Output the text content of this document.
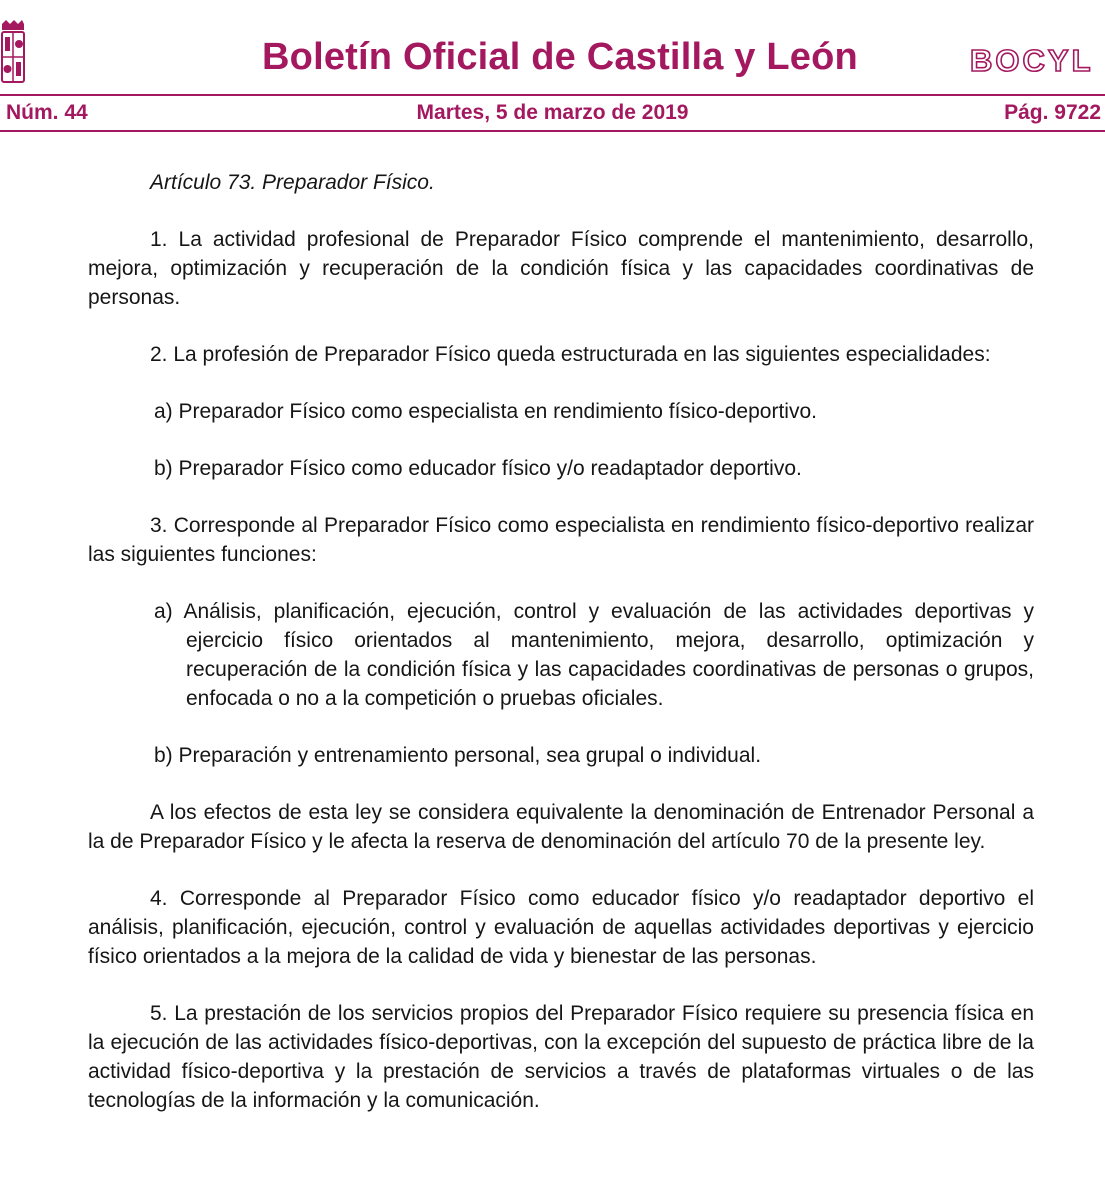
Boletín Oficial de Castilla y León	BOCYL
Martes, 5 de marzo de 2019
Núm. 44	Pág. 9722

Artículo 73. Preparador Físico.

1. La actividad profesional de Preparador Físico comprende el mantenimiento, desarrollo, mejora, optimización y recuperación de la condición física y las capacidades coordinativas de personas.

2. La profesión de Preparador Físico queda estructurada en las siguientes especialidades:

a) Preparador Físico como especialista en rendimiento físico-deportivo.

b) Preparador Físico como educador físico y/o readaptador deportivo.

3. Corresponde al Preparador Físico como especialista en rendimiento físico-deportivo realizar las siguientes funciones:

a) Análisis, planificación, ejecución, control y evaluación de las actividades deportivas y ejercicio físico orientados al mantenimiento, mejora, desarrollo, optimización y recuperación de la condición física y las capacidades coordinativas de personas o grupos, enfocada o no a la competición o pruebas oficiales.

b) Preparación y entrenamiento personal, sea grupal o individual.

A los efectos de esta ley se considera equivalente la denominación de Entrenador Personal a la de Preparador Físico y le afecta la reserva de denominación del artículo 70 de la presente ley.

4. Corresponde al Preparador Físico como educador físico y/o readaptador deportivo el análisis, planificación, ejecución, control y evaluación de aquellas actividades deportivas y ejercicio físico orientados a la mejora de la calidad de vida y bienestar de las personas.

5. La prestación de los servicios propios del Preparador Físico requiere su presencia física en la ejecución de las actividades físico-deportivas, con la excepción del supuesto de práctica libre de la actividad físico-deportiva y la prestación de servicios a través de plataformas virtuales o de las tecnologías de la información y la comunicación.
